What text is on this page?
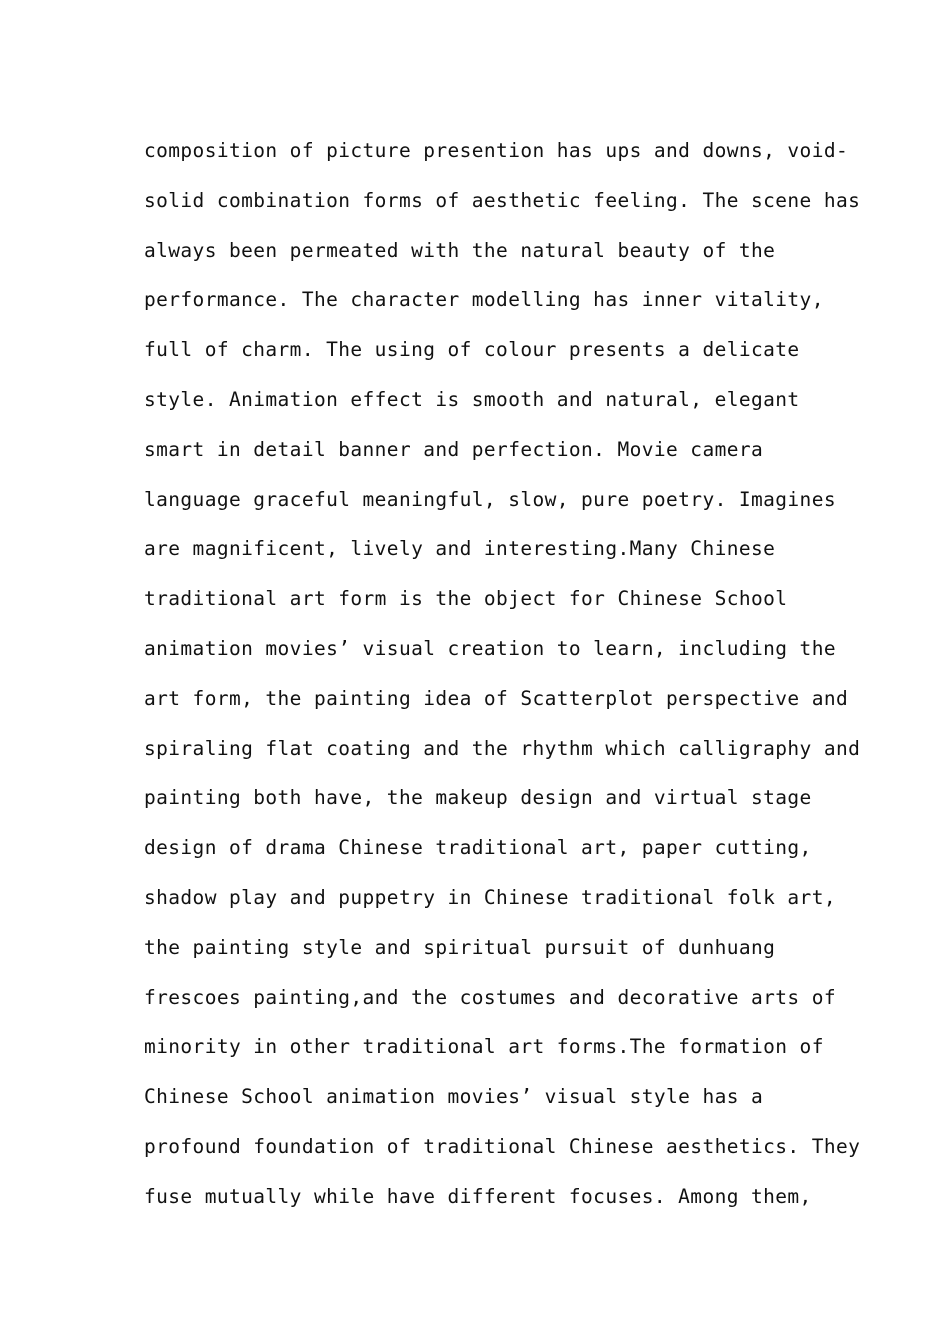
composition of picture presention has ups and downs, void-
solid combination forms of aesthetic feeling. The scene has
always been permeated with the natural beauty of the
performance. The character modelling has inner vitality,
full of charm. The using of colour presents a delicate
style. Animation effect is smooth and natural, elegant
smart in detail banner and perfection. Movie camera
language graceful meaningful, slow, pure poetry. Imagines
are magnificent, lively and interesting.Many Chinese
traditional art form is the object for Chinese School
animation movies’ visual creation to learn, including the
art form, the painting idea of Scatterplot perspective and
spiraling flat coating and the rhythm which calligraphy and
painting both have, the makeup design and virtual stage
design of drama Chinese traditional art, paper cutting,
shadow play and puppetry in Chinese traditional folk art,
the painting style and spiritual pursuit of dunhuang
frescoes painting,and the costumes and decorative arts of
minority in other traditional art forms.The formation of
Chinese School animation movies’ visual style has a
profound foundation of traditional Chinese aesthetics. They
fuse mutually while have different focuses. Among them,
